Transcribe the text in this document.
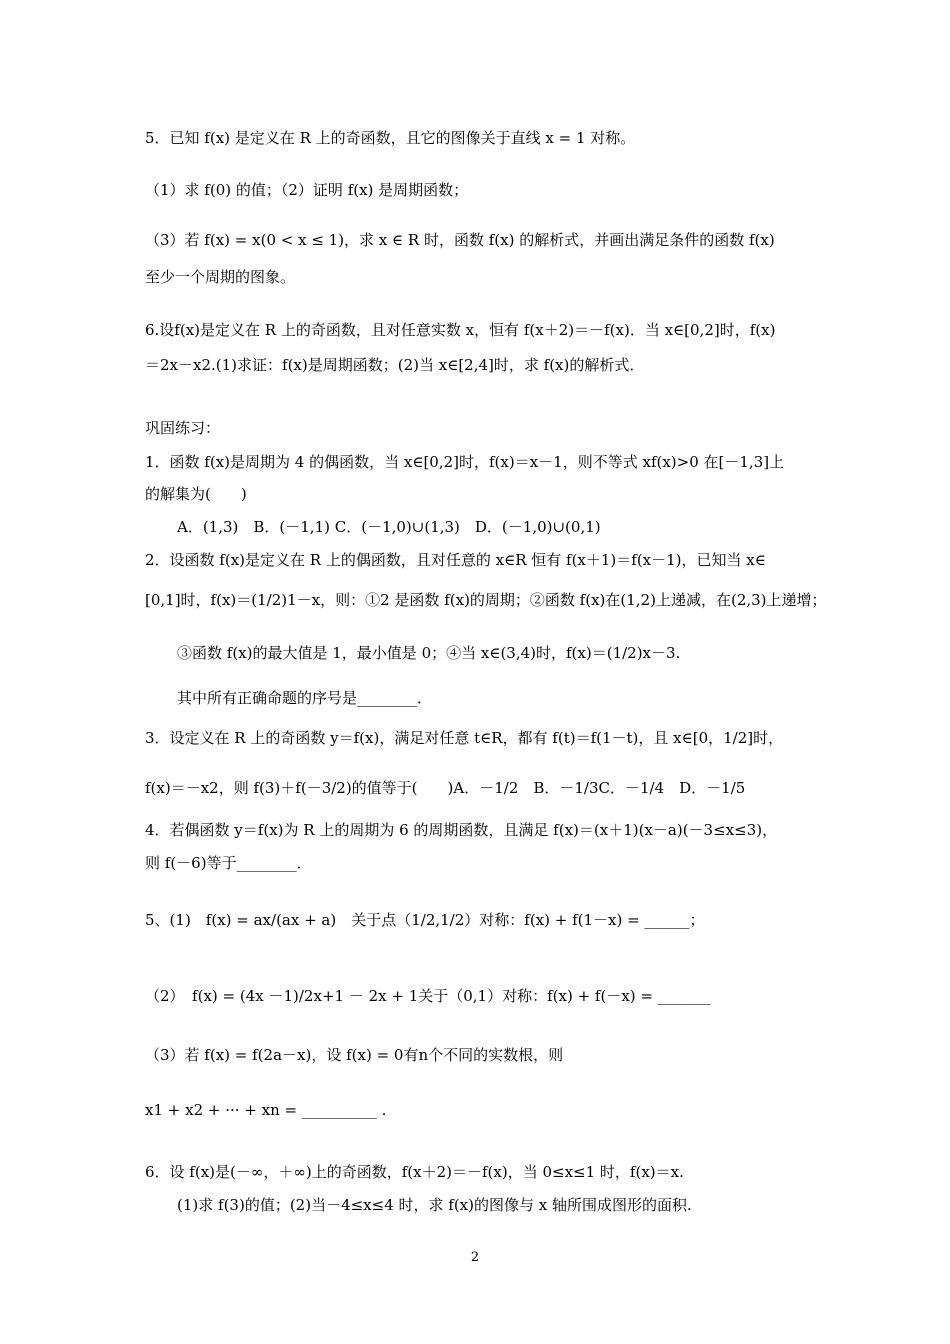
5．已知 f(x) 是定义在 R 上的奇函数，且它的图像关于直线 x = 1 对称。
（1）求 f(0) 的值；（2）证明 f(x) 是周期函数；
（3）若 f(x) = x(0 < x ≤ 1)，求 x ∈ R 时，函数 f(x) 的解析式，并画出满足条件的函数 f(x)
至少一个周期的图象。
6.设f(x)是定义在 R 上的奇函数，且对任意实数 x，恒有 f(x＋2)＝－f(x)．当 x∈[0,2]时，f(x)
＝2x－x2.(1)求证：f(x)是周期函数；(2)当 x∈[2,4]时，求 f(x)的解析式．
巩固练习：
1．函数 f(x)是周期为 4 的偶函数，当 x∈[0,2]时，f(x)＝x－1，则不等式 xf(x)>0 在[－1,3]上
的解集为(　　)
A．(1,3)　B．(－1,1) C．(－1,0)∪(1,3)　D．(－1,0)∪(0,1)
2．设函数 f(x)是定义在 R 上的偶函数，且对任意的 x∈R 恒有 f(x＋1)＝f(x－1)，已知当 x∈
[0,1]时，f(x)＝(1/2)1－x，则：①2 是函数 f(x)的周期；②函数 f(x)在(1,2)上递减，在(2,3)上递增；
③函数 f(x)的最大值是 1，最小值是 0；④当 x∈(3,4)时，f(x)＝(1/2)x－3.
其中所有正确命题的序号是________．
3．设定义在 R 上的奇函数 y＝f(x)，满足对任意 t∈R，都有 f(t)＝f(1－t)，且 x∈[0，1/2]时，
f(x)＝－x2，则 f(3)＋f(－3/2)的值等于(　　)A．－1/2　B．－1/3C．－1/4　D．－1/5
4．若偶函数 y＝f(x)为 R 上的周期为 6 的周期函数，且满足 f(x)＝(x＋1)(x－a)(－3≤x≤3)，
则 f(－6)等于________．
5、(1)　f(x) = ax/(ax + a)　关于点（1/2,1/2）对称：f(x) + f(1－x) = ______；
（2）　f(x) = (4x －1)/2x+1 － 2x + 1关于（0,1）对称：f(x) + f(－x) = _______
（3）若 f(x) = f(2a－x)，设 f(x) = 0有n个不同的实数根，则
x1 + x2 + ··· + xn = __________ .
6．设 f(x)是(－∞，＋∞)上的奇函数，f(x＋2)＝－f(x)，当 0≤x≤1 时，f(x)＝x.
(1)求 f(3)的值；(2)当－4≤x≤4 时，求 f(x)的图像与 x 轴所围成图形的面积.
2
